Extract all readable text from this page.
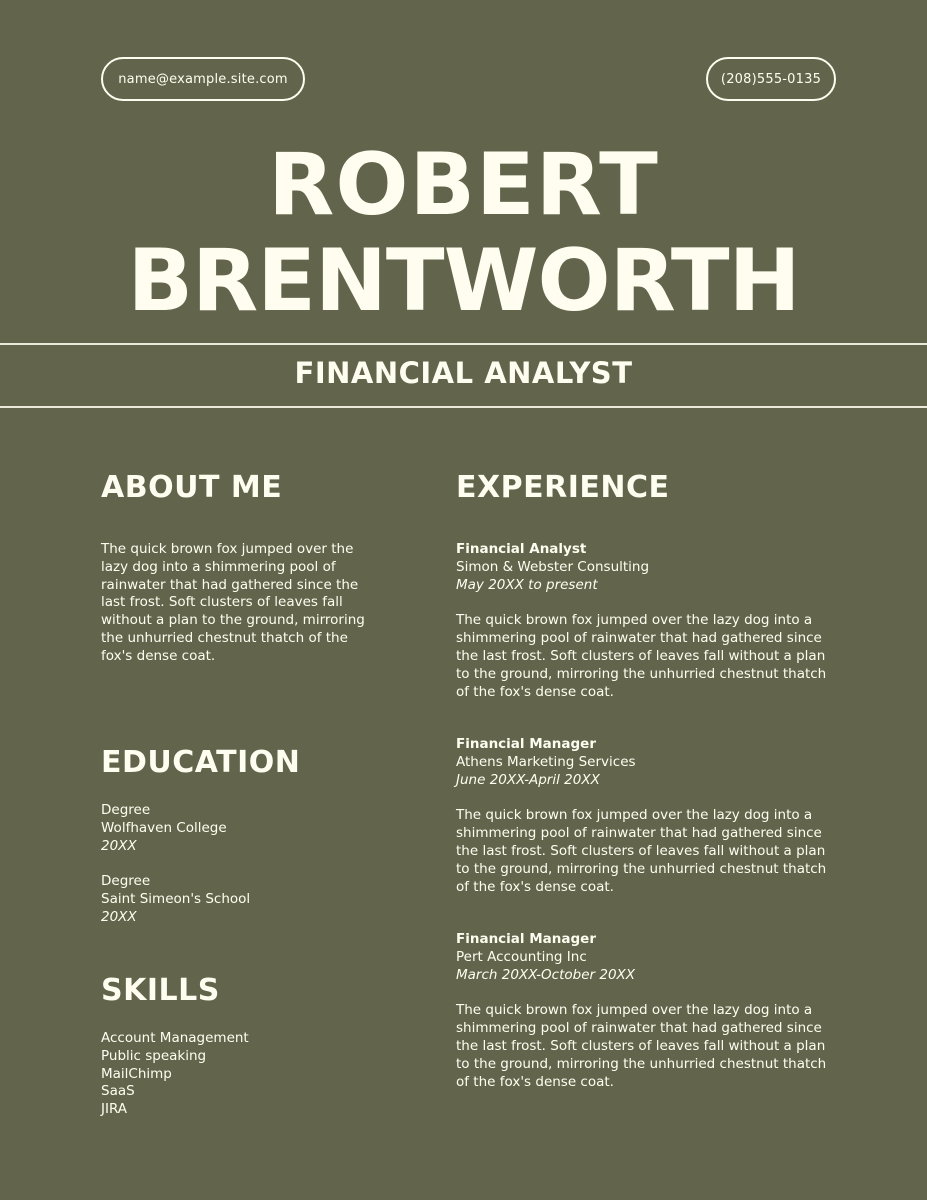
name@example.site.com	(208)555-0135
ROBERT
BRENTWORTH
FINANCIAL ANALYST
ABOUT ME

The quick brown fox jumped over the lazy dog into a shimmering pool of rainwater that had gathered since the last frost. Soft clusters of leaves fall without a plan to the ground, mirroring the unhurried chestnut thatch of the fox's dense coat.

EDUCATION
Degree
Wolfhaven College
20XX
Degree
Saint Simeon's School
20XX
SKILLS
Account Management
Public speaking
MailChimp
SaaS
JIRA
EXPERIENCE
Financial Analyst
Simon & Webster Consulting
May 20XX to present
The quick brown fox jumped over the lazy dog into a shimmering pool of rainwater that had gathered since the last frost. Soft clusters of leaves fall without a plan to the ground, mirroring the unhurried chestnut thatch of the fox's dense coat.
Financial Manager
Athens Marketing Services
June 20XX-April 20XX
The quick brown fox jumped over the lazy dog into a shimmering pool of rainwater that had gathered since the last frost. Soft clusters of leaves fall without a plan to the ground, mirroring the unhurried chestnut thatch of the fox's dense coat.
Financial Manager
Pert Accounting Inc
March 20XX-October 20XX
The quick brown fox jumped over the lazy dog into a shimmering pool of rainwater that had gathered since the last frost. Soft clusters of leaves fall without a plan to the ground, mirroring the unhurried chestnut thatch of the fox's dense coat.
